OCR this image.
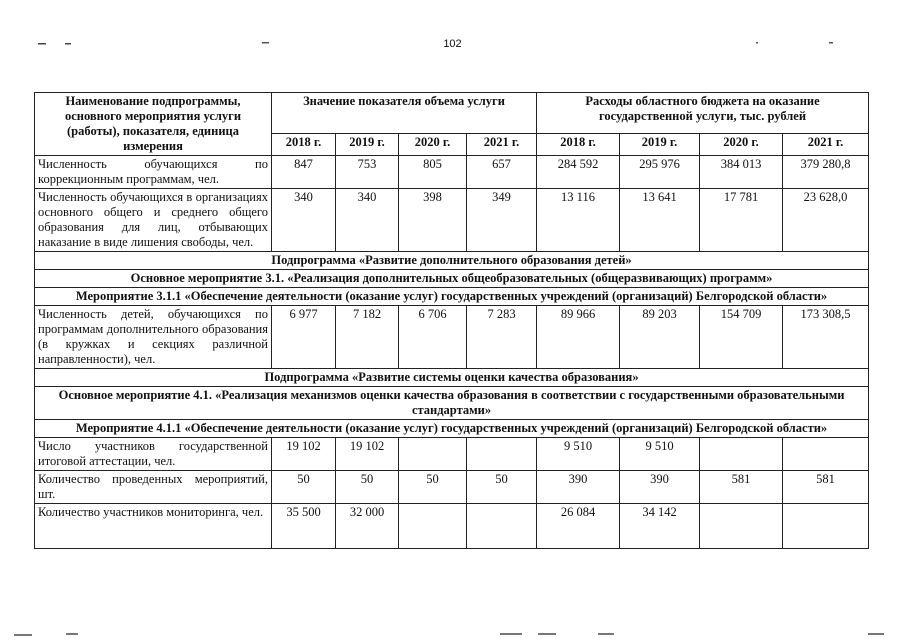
102
Наименование подпрограммы, основного мероприятия услуги (работы), показателя, единица измерения	Значение показателя объема услуги				Расходы областного бюджета на оказание государственной услуги, тыс. рублей			
	2018 г.	2019 г.	2020 г.	2021 г.	2018 г.	2019 г.	2020 г.	2021 г.
Численность обучающихся по коррекционным программам, чел.	847	753	805	657	284 592	295 976	384 013	379 280,8
Численность обучающихся в организациях основного общего и среднего общего образования для лиц, отбывающих наказание в виде лишения свободы, чел.	340	340	398	349	13 116	13 641	17 781	23 628,0
Подпрограмма «Развитие дополнительного образования детей»								
Основное мероприятие 3.1. «Реализация дополнительных общеобразовательных (общеразвивающих) программ»								
Мероприятие 3.1.1 «Обеспечение деятельности (оказание услуг) государственных учреждений (организаций) Белгородской области»								
Численность детей, обучающихся по программам дополнительного образования (в кружках и секциях различной направленности), чел.	6 977	7 182	6 706	7 283	89 966	89 203	154 709	173 308,5
Подпрограмма «Развитие системы оценки качества образования»								
Основное мероприятие 4.1. «Реализация механизмов оценки качества образования в соответствии с государственными образовательными стандартами»								
Мероприятие 4.1.1 «Обеспечение деятельности (оказание услуг) государственных учреждений (организаций) Белгородской области»								
Число участников государственной итоговой аттестации, чел.	19 102	19 102			9 510	9 510		
Количество проведенных мероприятий, шт.	50	50	50	50	390	390	581	581
Количество участников мониторинга, чел.	35 500	32 000			26 084	34 142		
